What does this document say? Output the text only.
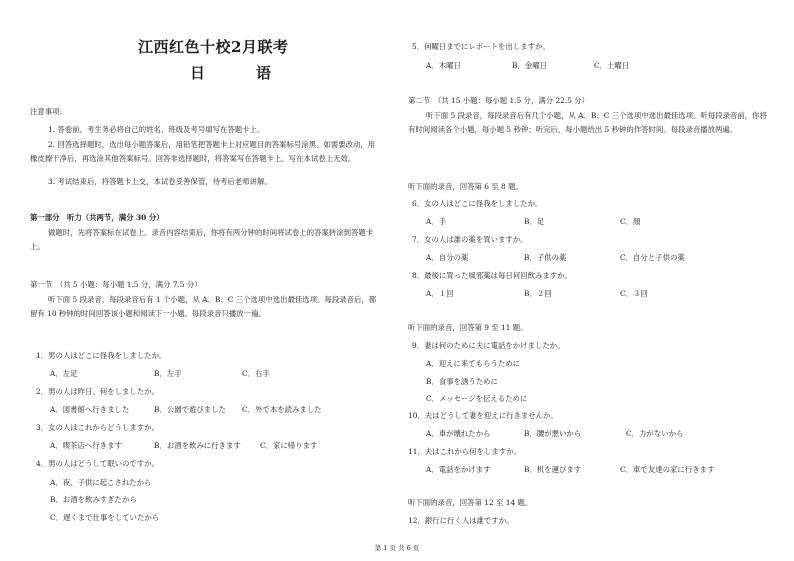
江西红色十校2月联考
日　语
注意事项:
1. 答卷前，考生务必将自己的姓名、班级及考号填写在答题卡上。
2. 回答选择题时，选出每小题答案后，用铅笔把答题卡上对应题目的答案标号涂黑。如需要改动，用橡皮擦干净后，再选涂其他答案标号。回答非选择题时，将答案写在答题卡上。写在本试卷上无效。
3. 考试结束后，将答题卡上交，本试卷妥善保管，待考后老师讲解。
第一部分　听力（共两节，满分 30 分）
做题时，先将答案标在试卷上。录音内容结束后，你将有两分钟的时间将试卷上的答案转涂到答题卡上。
第一节　（共 5 小题：每小题 1.5 分，满分 7.5 分）
听下面 5 段录音，每段录音后有 1 个小题，从 A、B、C 三个选项中选出最佳选项。每段录音后，都留有 10 秒钟的时间回答该小题和阅读下一小题。每段录音只播放一遍。
1．男の人はどこに怪我をしましたか。
A．左足	B．左手	C．右手
2．男の人は昨日、何をしましたか。
A．図書館へ行きました	B．公園で遊びました C．外で本を読みました
3．女の人はこれからどうしますか。
A．喫茶店へ行きます	B．お酒を飲みに行きます	C．家に帰ります
4．男の人はどうして眠いのですか。
A．夜、子供に起こされたから
B．お酒を飲みすぎたから
C．遅くまで仕事をしていたから
5．何曜日までにレポートを出しますか。
A．木曜日	B．金曜日	C．土曜日
第二节　（共 15 小题：每小题 1.5 分，满分 22.5 分）
听下面 5 段录音，每段录音后有几个小题，从 A、B、C 三个选项中选出最佳选项。听每段录音前，你将有时间阅读各个小题，每小题 5 秒钟；听完后，每小题给出 5 秒钟的作答时间。每段录音播放两遍。
听下面的录音，回答第 6 至 8 题。
6．女の人はどこに怪我をしましたか。
A．手	B．足	C．顔
7．女の人は誰の薬を買いますか。
A．自分の薬	B．子供の薬	C．自分と子供の薬
8．最後に買った風邪薬は毎日何回飲みますか。
A．１回	B．２回	C．３回
听下面的录音，回答第 9 至 11 题。
9．妻は何のために夫に電話をかけましたか。
A．迎えに来てもらうために
B．食事を誘うために
C．メッセージを伝えるために
10．夫はどうして妻を迎えに行きませんか。
A．車が壊れたから	B．腰が悪いから	C．力がないから
11．夫はこれから何をしますか。
A．電話をかけます	B．机を運びます	C．車で友達の家に行きます
听下面的录音，回答第 12 至 14 题。
12．銀行に行く人は誰ですか。
第 1 页 共 6 页
